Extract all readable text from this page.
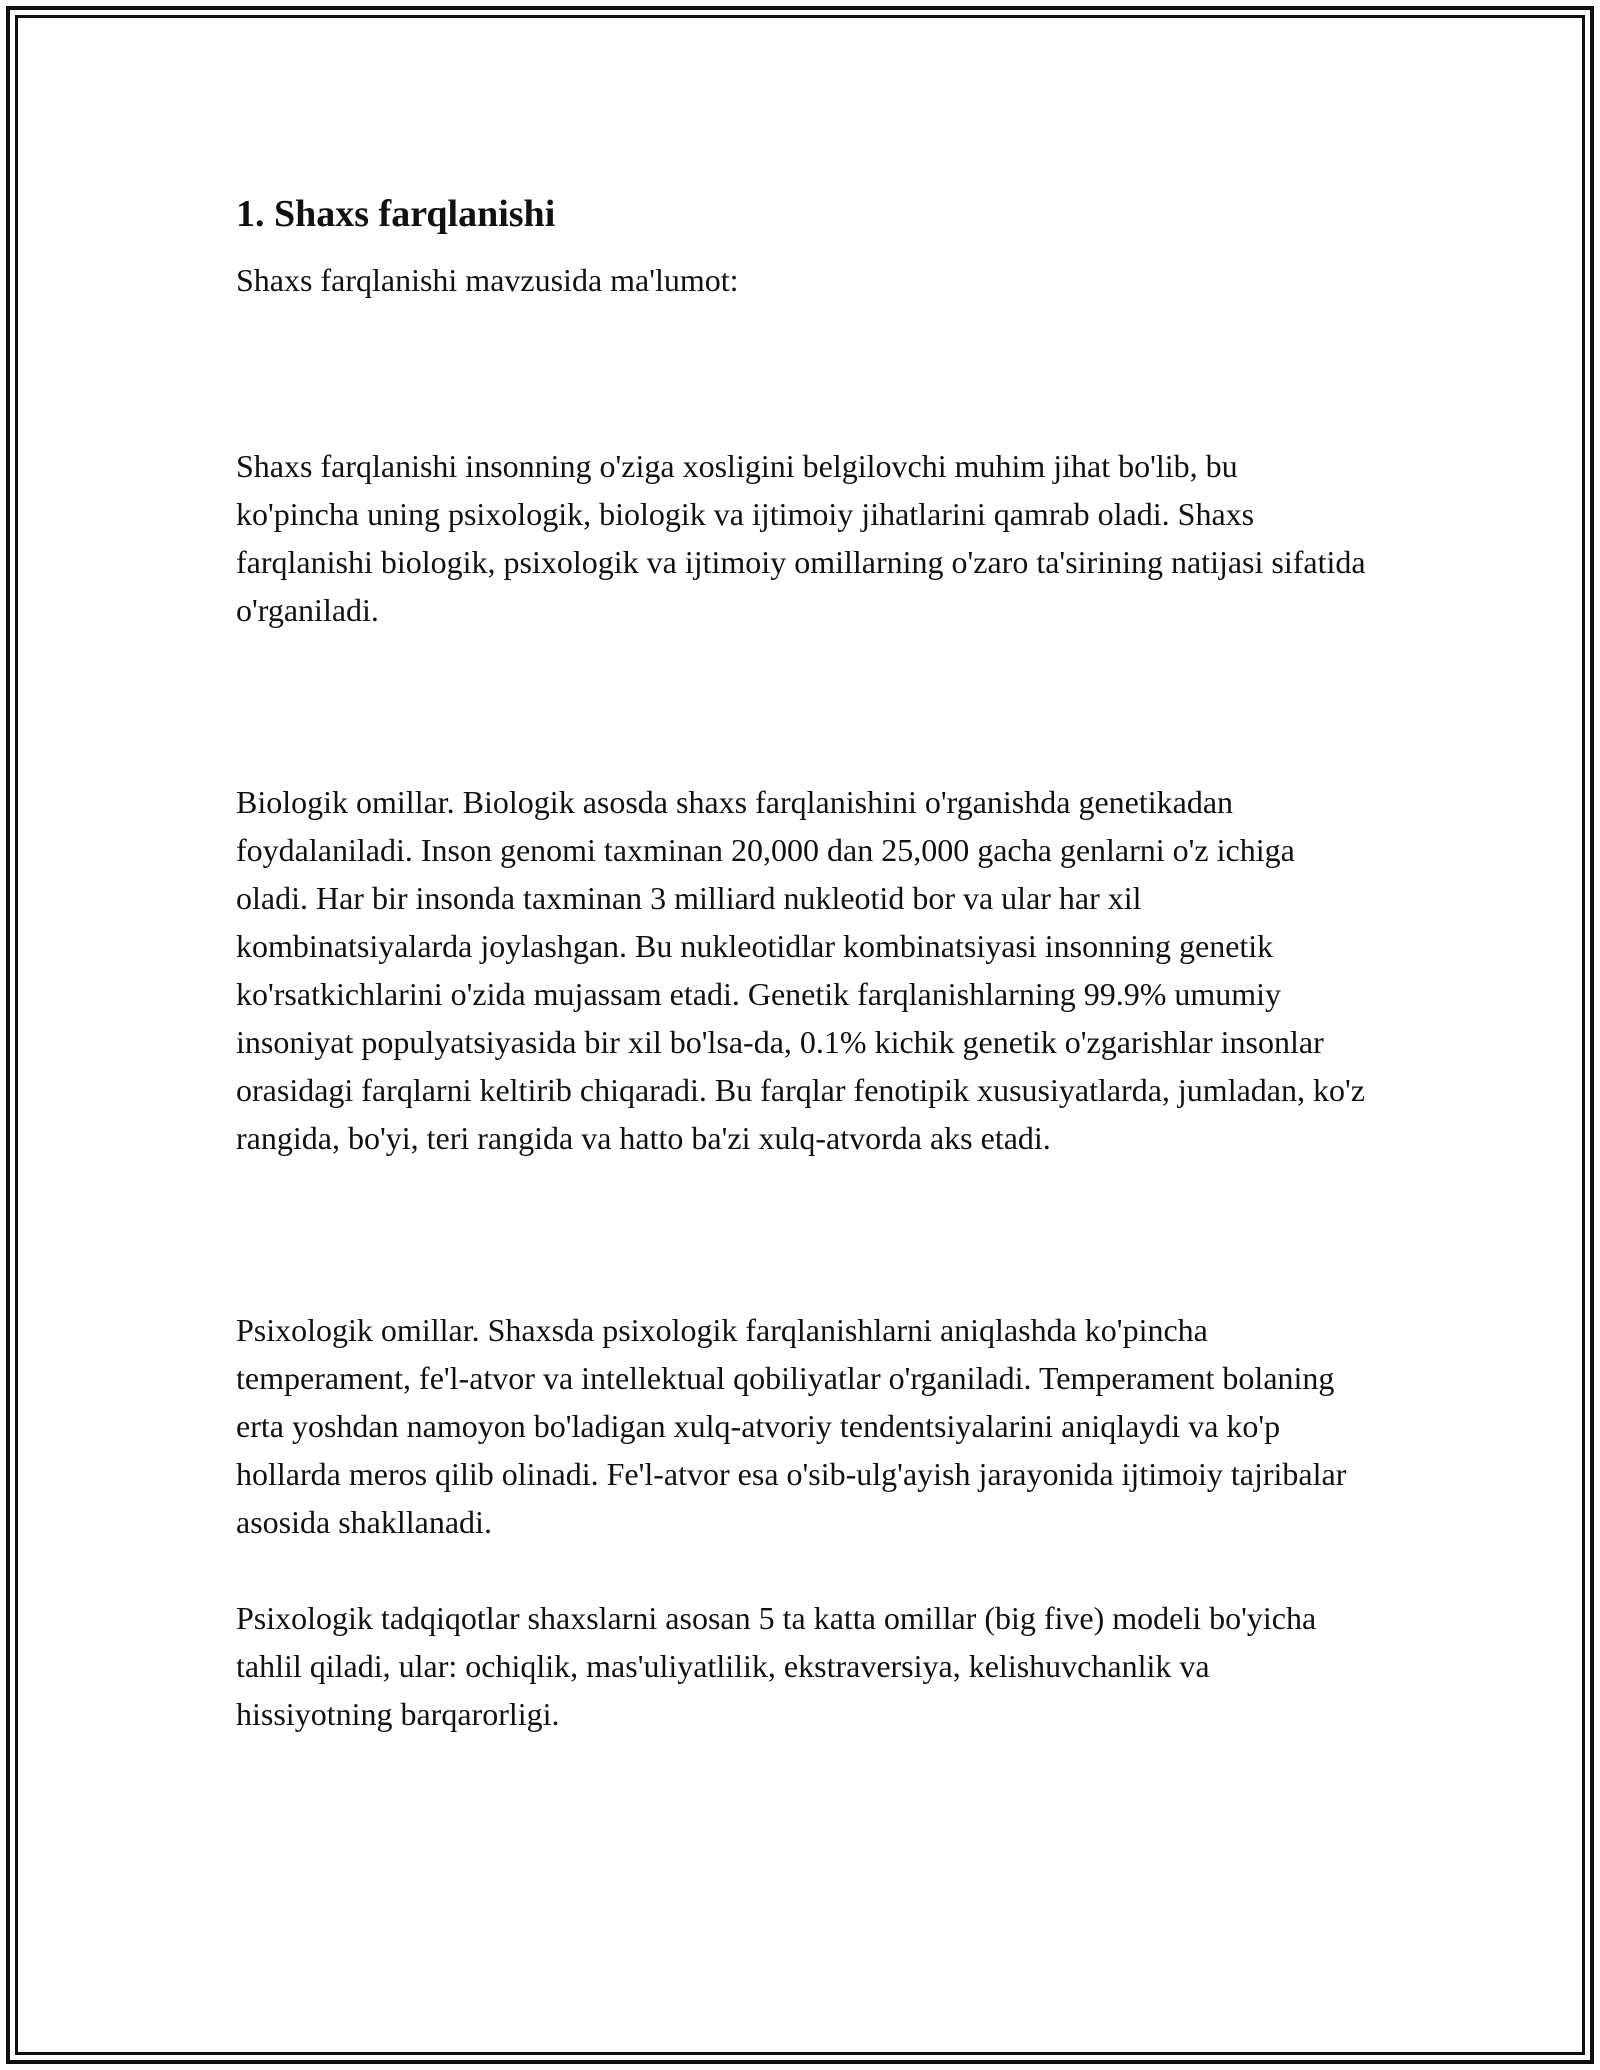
1. Shaxs farqlanishi

Shaxs farqlanishi mavzusida ma'lumot:

Shaxs farqlanishi insonning o'ziga xosligini belgilovchi muhim jihat bo'lib, bu ko'pincha uning psixologik, biologik va ijtimoiy jihatlarini qamrab oladi. Shaxs farqlanishi biologik, psixologik va ijtimoiy omillarning o'zaro ta'sirining natijasi sifatida o'rganiladi.

Biologik omillar. Biologik asosda shaxs farqlanishini o'rganishda genetikadan foydalaniladi. Inson genomi taxminan 20,000 dan 25,000 gacha genlarni o'z ichiga oladi. Har bir insonda taxminan 3 milliard nukleotid bor va ular har xil kombinatsiyalarda joylashgan. Bu nukleotidlar kombinatsiyasi insonning genetik ko'rsatkichlarini o'zida mujassam etadi. Genetik farqlanishlarning 99.9% umumiy insoniyat populyatsiyasida bir xil bo'lsa-da, 0.1% kichik genetik o'zgarishlar insonlar orasidagi farqlarni keltirib chiqaradi. Bu farqlar fenotipik xususiyatlarda, jumladan, ko'z rangida, bo'yi, teri rangida va hatto ba'zi xulq-atvorda aks etadi.

Psixologik omillar. Shaxsda psixologik farqlanishlarni aniqlashda ko'pincha temperament, fe'l-atvor va intellektual qobiliyatlar o'rganiladi. Temperament bolaning erta yoshdan namoyon bo'ladigan xulq-atvoriy tendentsiyalarini aniqlaydi va ko'p hollarda meros qilib olinadi. Fe'l-atvor esa o'sib-ulg'ayish jarayonida ijtimoiy tajribalar asosida shakllanadi.

Psixologik tadqiqotlar shaxslarni asosan 5 ta katta omillar (big five) modeli bo'yicha tahlil qiladi, ular: ochiqlik, mas'uliyatlilik, ekstraversiya, kelishuvchanlik va hissiyotning barqarorligi.
